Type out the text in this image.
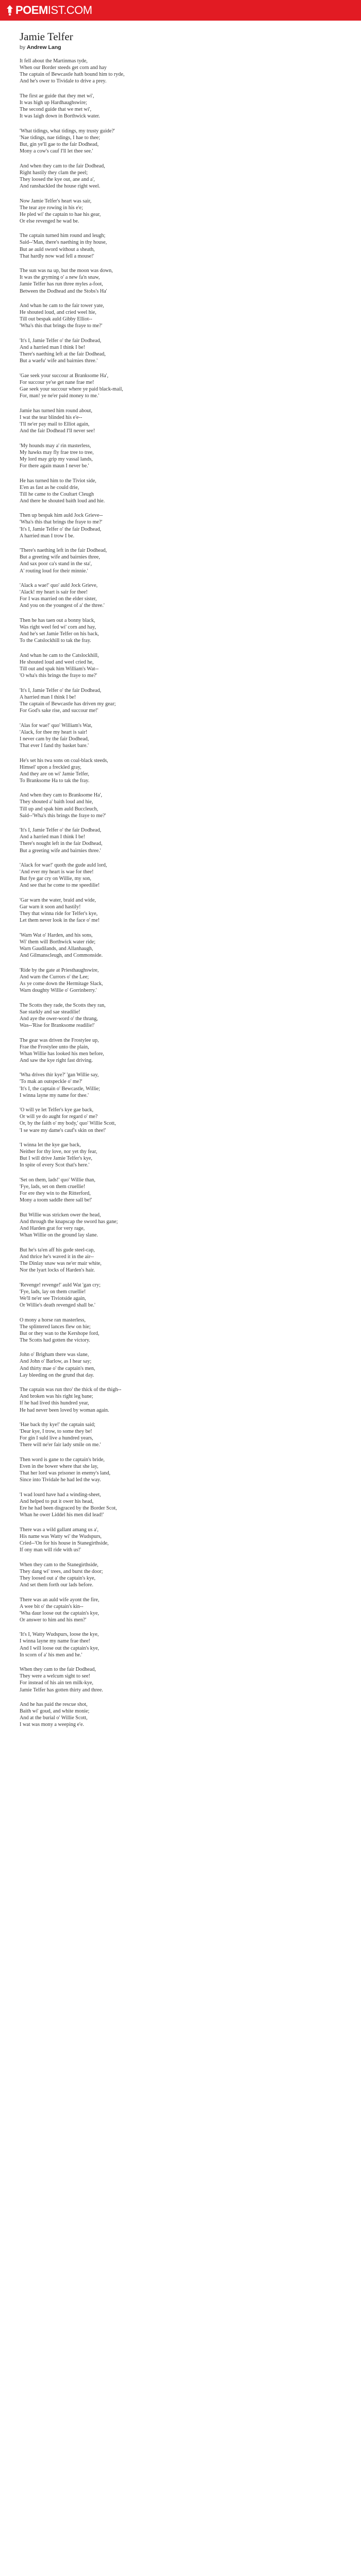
POEMIST.COM
Jamie Telfer
by Andrew Lang
It fell about the Martinmas tyde,
When our Border steeds get corn and hay
The captain of Bewcastle hath bound him to ryde,
And he's ower to Tividale to drive a prey.
The first ae guide that they met wi',
It was high up Hardhaughswire;
The second guide that we met wi',
It was laigh down in Borthwick water.
'What tidings, what tidings, my trusty guide?'
'Nae tidings, nae tidings, I hae to thee;
But, gin ye'll gae to the fair Dodhead,
Mony a cow's cauf I'll let thee see.'
And when they cam to the fair Dodhead,
Right hastily they clam the peel;
They loosed the kye out, ane and a',
And ranshackled the house right weel.
Now Jamie Telfer's heart was sair,
The tear aye rowing in his e'e;
He pled wi' the captain to hae his gear,
Or else revenged he wad be.
The captain turned him round and leugh;
Said--'Man, there's naething in thy house,
But ae auld sword without a sheath,
That hardly now wad fell a mouse!'
The sun was na up, but the moon was down,
It was the gryming o' a new fa'n snaw,
Jamie Telfer has run three myles a-foot,
Between the Dodhead and the Stobs's Ha'
And whan he cam to the fair tower yate,
He shouted loud, and cried weel hie,
Till out bespak auld Gibby Elliot--
'Wha's this that brings the fraye to me?'
'It's I, Jamie Telfer o' the fair Dodhead,
And a harried man I think I be!
There's naething left at the fair Dodhead,
But a waefu' wife and bairnies three.'
'Gae seek your succour at Branksome Ha',
For succour ye'se get nane frae me!
Gae seek your succour where ye paid black-mail,
For, man! ye ne'er paid money to me.'
Jamie has turned him round about,
I wat the tear blinded his e'e--
'I'll ne'er pay mail to Elliot again,
And the fair Dodhead I'll never see!
'My hounds may a' rin masterless,
My hawks may fly frae tree to tree,
My lord may grip my vassal lands,
For there again maun I never be.'
He has turned him to the Tiviot side,
E'en as fast as he could drie,
Till he came to the Coultart Cleugh
And there he shouted baith loud and hie.
Then up bespak him auld Jock Grieve--
'Wha's this that brings the fraye to me?'
'It's I, Jamie Telfer o' the fair Dodhead,
A harried man I trow I be.
'There's naething left in the fair Dodhead,
But a greeting wife and bairnies three,
And sax poor ca's stand in the sta',
A' routing loud for their minnie.'
'Alack a wae!' quo' auld Jock Grieve,
'Alack! my heart is sair for thee!
For I was married on the elder sister,
And you on the youngest of a' the three.'
Then he has taen out a bonny black,
Was right weel fed wi' corn and hay,
And he's set Jamie Telfer on his back,
To the Catslockhill to tak the fray.
And whan he cam to the Catslockhill,
He shouted loud and weel cried he,
Till out and spak him William's Wat--
'O wha's this brings the fraye to me?'
'It's I, Jamie Telfer o' the fair Dodhead,
A harried man I think I be!
The captain of Bewcastle has driven my gear;
For God's sake rise, and succour me!'
'Alas for wae!' quo' William's Wat,
'Alack, for thee my heart is sair!
I never cam by the fair Dodhead,
That ever I fand thy basket bare.'
He's set his twa sons on coal-black steeds,
Himsel' upon a freckled gray,
And they are on wi' Jamie Telfer,
To Branksome Ha to tak the fray.
And when they cam to Branksome Ha',
They shouted a' baith loud and hie,
Till up and spak him auld Buccleuch,
Said--'Wha's this brings the fraye to me?'
'It's I, Jamie Telfer o' the fair Dodhead,
And a harried man I think I be!
There's nought left in the fair Dodhead,
But a greeting wife and bairnies three.'
'Alack for wae!' quoth the gude auld lord,
'And ever my heart is wae for thee!
But fye gar cry on Willie, my son,
And see that he come to me speedilie!
'Gar warn the water, braid and wide,
Gar warn it soon and hastily!
They that winna ride for Telfer's kye,
Let them never look in the face o' me!
'Warn Wat o' Harden, and his sons,
Wi' them will Borthwick water ride;
Warn Gaudilands, and Allanhaugh,
And Gilmanscleugh, and Commonside.
'Ride by the gate at Priesthaughswire,
And warn the Currors o' the Lee;
As ye come down the Hermitage Slack,
Warn doughty Willie o' Gorrinberry.'
The Scotts they rade, the Scotts they ran,
Sae starkly and sae steadilie!
And aye the ower-word o' the thrang,
Was--'Rise for Branksome readilie!'
The gear was driven the Frostylee up,
Frae the Frostylee unto the plain,
Whan Willie has looked his men before,
And saw the kye right fast driving.
'Wha drives thir kye?' 'gan Willie say,
'To mak an outspeckle o' me?'
'It's I, the captain o' Bewcastle, Willie;
I winna layne my name for thee.'
'O will ye let Telfer's kye gae back,
Or will ye do aught for regard o' me?
Or, by the faith o' my body,' quo' Willie Scott,
'I se ware my dame's cauf's skin on thee!'
'I winna let the kye gae back,
Neither for thy love, nor yet thy fear,
But I will drive Jamie Telfer's kye,
In spite of every Scot that's here.'
'Set on them, lads!' quo' Willie than,
'Fye, lads, set on them cruellie!
For ere they win to the Ritterford,
Mony a toom saddle there sall be!'
But Willie was stricken ower the head,
And through the knapscap the sword has gane;
And Harden grat for very rage,
Whan Willie on the ground lay slane.
But he's ta'en aff his gude steel-cap,
And thrice he's waved it in the air--
The Dinlay snaw was ne'er mair white,
Nor the lyart locks of Harden's hair.
'Revenge! revenge!' auld Wat 'gan cry;
'Fye, lads, lay on them cruellie!
We'll ne'er see Tiviotside again,
Or Willie's death revenged shall be.'
O mony a horse ran masterless,
The splintered lances flew on hie;
But or they wan to the Kershope ford,
The Scotts had gotten the victory.
John o' Brigham there was slane,
And John o' Barlow, as I hear say;
And thirty mae o' the captain's men,
Lay bleeding on the grund that day.
The captain was run thro' the thick of the thigh--
And broken was his right leg bane;
If he had lived this hundred year,
He had never been loved by woman again.
'Hae back thy kye!' the captain said;
'Dear kye, I trow, to some they be!
For gin I suld live a hundred years,
There will ne'er fair lady smile on me.'
Then word is gane to the captain's bride,
Even in the bower where that she lay,
That her lord was prisoner in enemy's land,
Since into Tividale he had led the way.
'I wad lourd have had a winding-sheet,
And helped to put it ower his head,
Ere he had been disgraced by the Border Scot,
Whan he ower Liddel his men did lead!'
There was a wild gallant amang us a',
His name was Watty wi' the Wudspurs,
Cried--'On for his house in Stanegirthside,
If ony man will ride with us!'
When they cam to the Stanegirthside,
They dang wi' trees, and burst the door;
They loosed out a' the captain's kye,
And set them forth our lads before.
There was an auld wife ayont the fire,
A wee bit o' the captain's kin--
'Wha daur loose out the captain's kye,
Or answer to him and his men?'
'It's I, Watty Wudspurs, loose the kye,
I winna layne my name frae thee!
And I will loose out the captain's kye,
In scorn of a' his men and he.'
When they cam to the fair Dodhead,
They were a welcum sight to see!
For instead of his ain ten milk-kye,
Jamie Telfer has gotten thirty and three.
And he has paid the rescue shot,
Baith wi' goud, and white monie;
And at the burial o' Willie Scott,
I wat was mony a weeping e'e.
